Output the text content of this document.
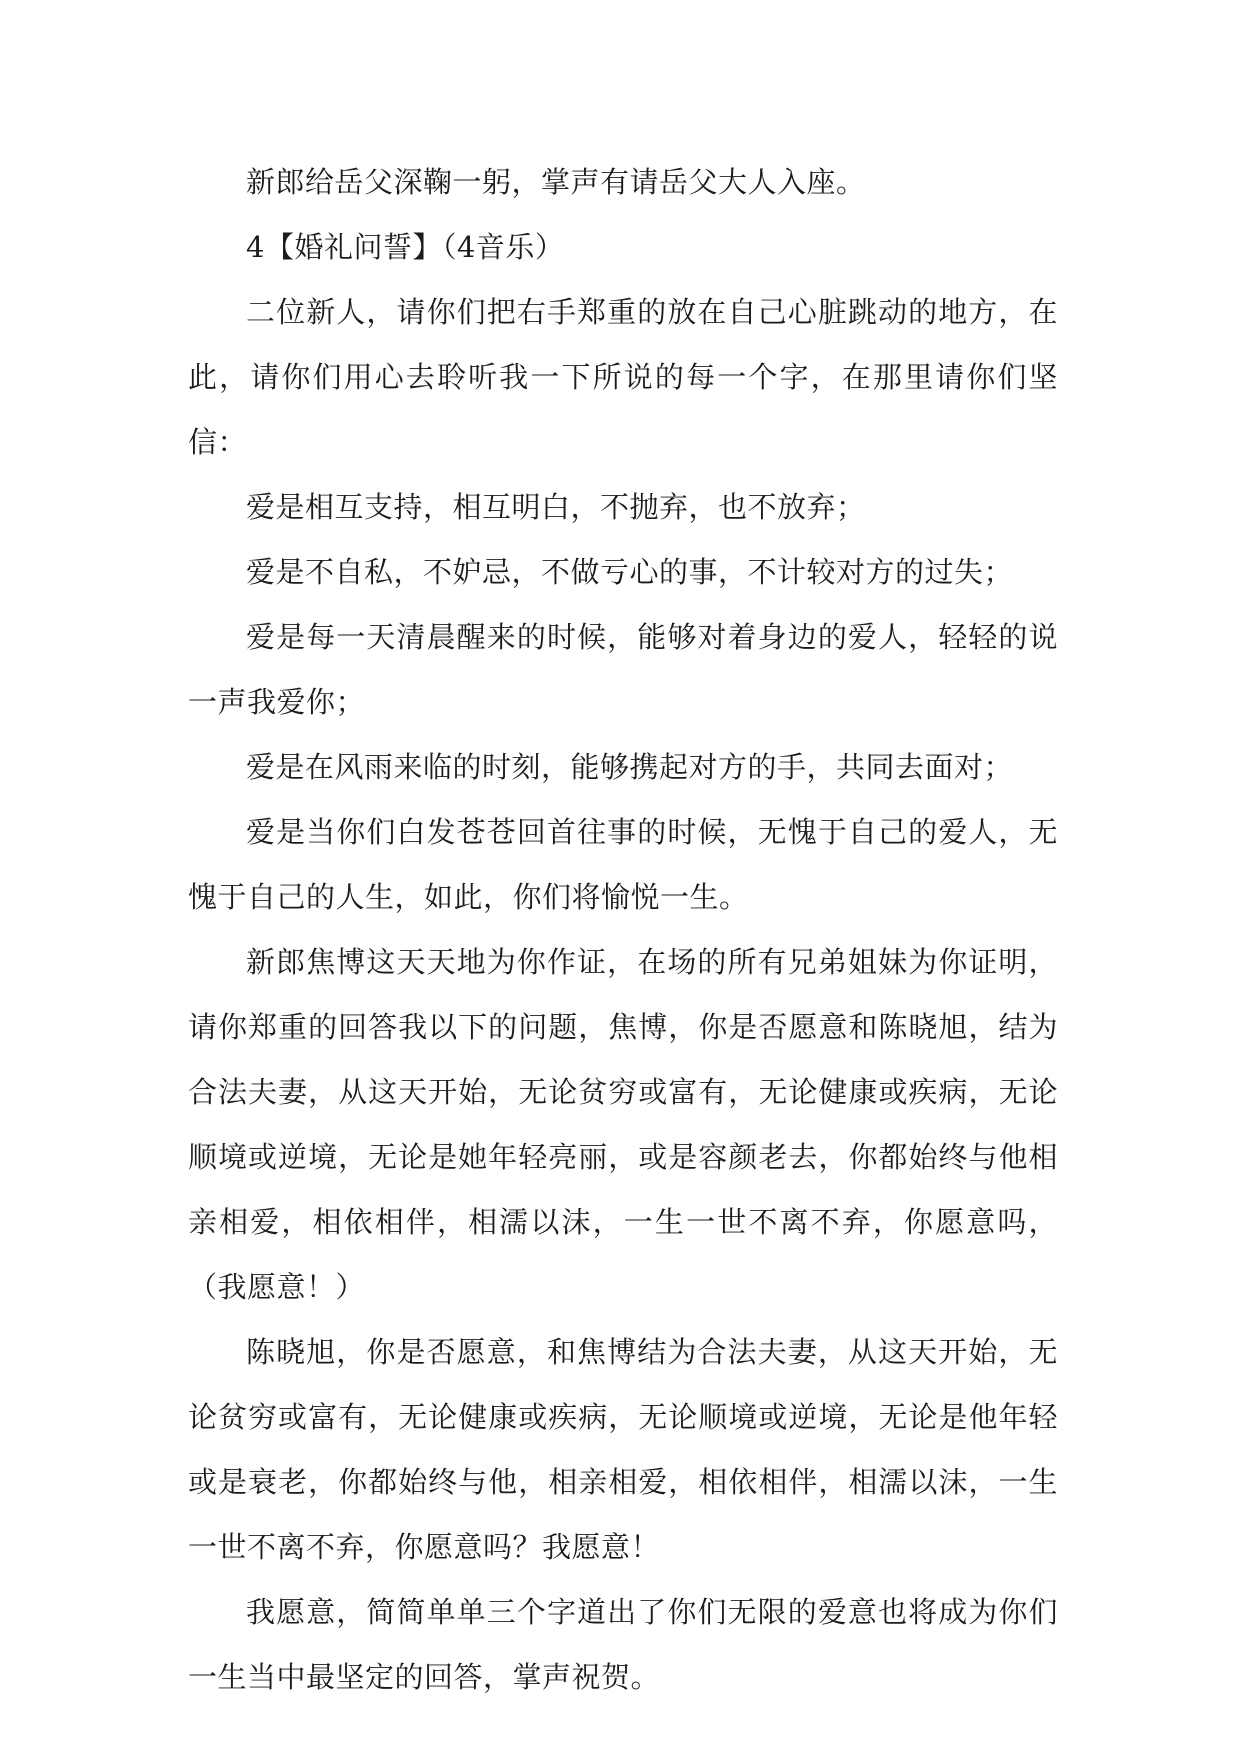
新郎给岳父深鞠一躬，掌声有请岳父大人入座。

4【婚礼问誓】（4音乐）

二位新人，请你们把右手郑重的放在自己心脏跳动的地方，在此，请你们用心去聆听我一下所说的每一个字，在那里请你们坚信：

爱是相互支持，相互明白，不抛弃，也不放弃；

爱是不自私，不妒忌，不做亏心的事，不计较对方的过失；

爱是每一天清晨醒来的时候，能够对着身边的爱人，轻轻的说一声我爱你；

爱是在风雨来临的时刻，能够携起对方的手，共同去面对；

爱是当你们白发苍苍回首往事的时候，无愧于自己的爱人，无愧于自己的人生，如此，你们将愉悦一生。

新郎焦博这天天地为你作证，在场的所有兄弟姐妹为你证明，请你郑重的回答我以下的问题，焦博，你是否愿意和陈晓旭，结为合法夫妻，从这天开始，无论贫穷或富有，无论健康或疾病，无论顺境或逆境，无论是她年轻亮丽，或是容颜老去，你都始终与他相亲相爱，相依相伴，相濡以沫，一生一世不离不弃，你愿意吗，（我愿意！）

陈晓旭，你是否愿意，和焦博结为合法夫妻，从这天开始，无论贫穷或富有，无论健康或疾病，无论顺境或逆境，无论是他年轻或是衰老，你都始终与他，相亲相爱，相依相伴，相濡以沫，一生一世不离不弃，你愿意吗？我愿意！

我愿意，简简单单三个字道出了你们无限的爱意也将成为你们一生当中最坚定的回答，掌声祝贺。
